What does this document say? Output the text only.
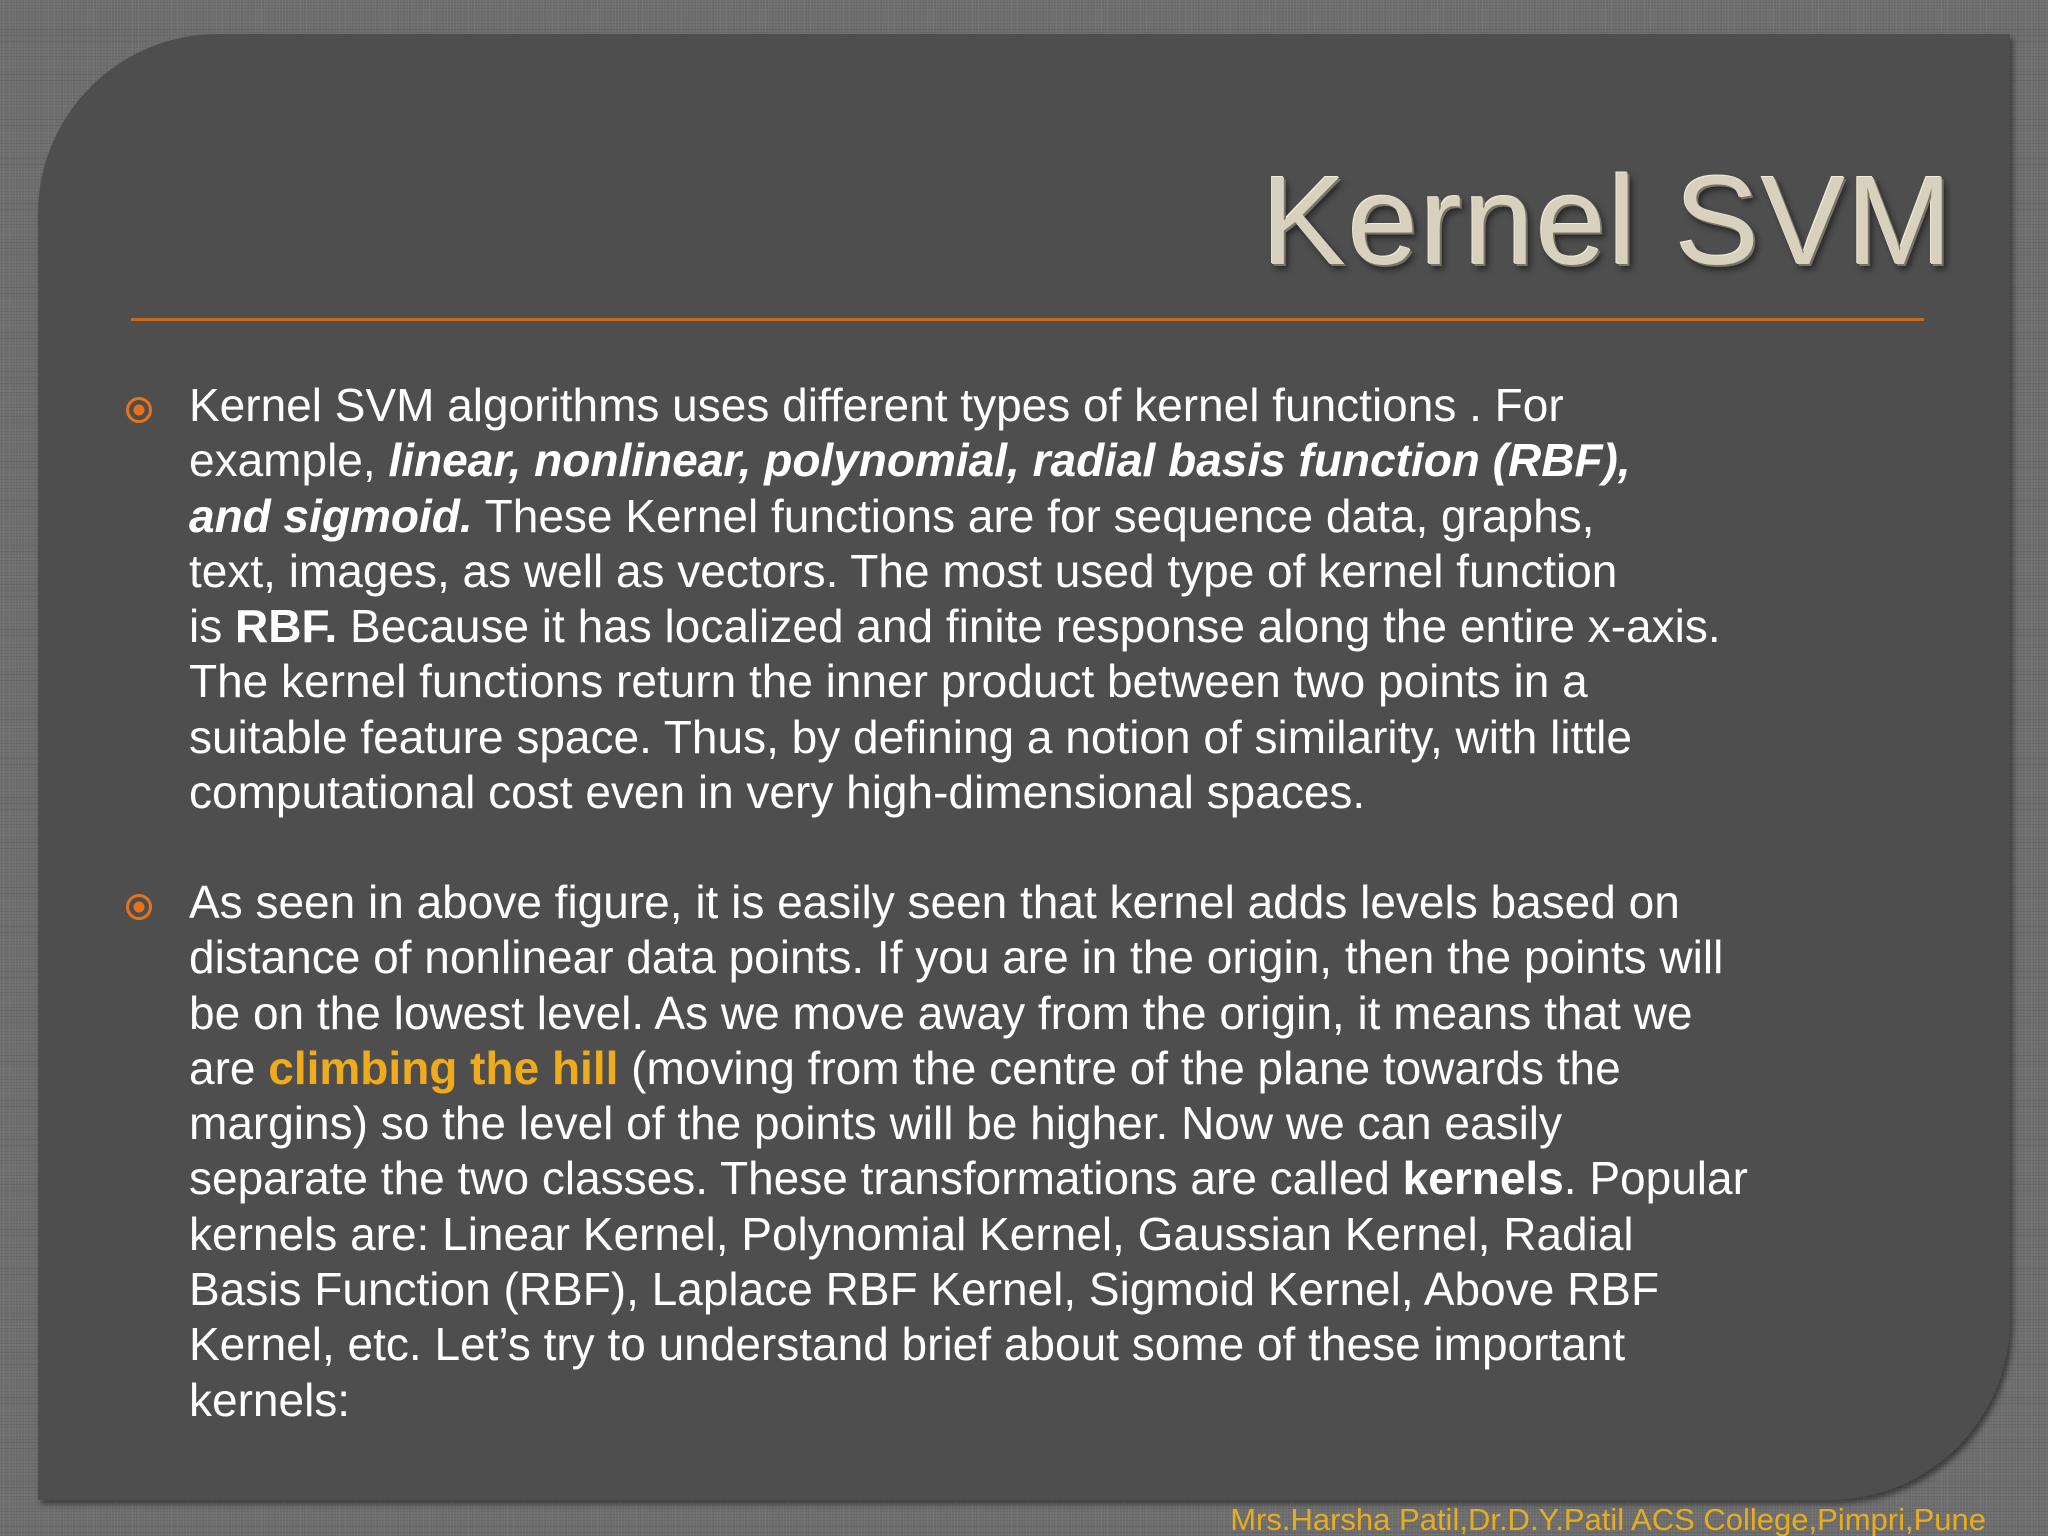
Kernel SVM

Kernel SVM algorithms uses different types of kernel functions . For
example, linear, nonlinear, polynomial, radial basis function (RBF),
and sigmoid. These Kernel functions are for sequence data, graphs,
text, images, as well as vectors. The most used type of kernel function
is RBF. Because it has localized and finite response along the entire x-axis.
The kernel functions return the inner product between two points in a
suitable feature space. Thus, by defining a notion of similarity, with little
computational cost even in very high-dimensional spaces.

As seen in above figure, it is easily seen that kernel adds levels based on
distance of nonlinear data points. If you are in the origin, then the points will
be on the lowest level. As we move away from the origin, it means that we
are climbing the hill (moving from the centre of the plane towards the
margins) so the level of the points will be higher. Now we can easily
separate the two classes. These transformations are called kernels. Popular
kernels are: Linear Kernel, Polynomial Kernel, Gaussian Kernel, Radial
Basis Function (RBF), Laplace RBF Kernel, Sigmoid Kernel, Above RBF
Kernel, etc. Let’s try to understand brief about some of these important
kernels:

Mrs.Harsha Patil,Dr.D.Y.Patil ACS College,Pimpri,Pune
